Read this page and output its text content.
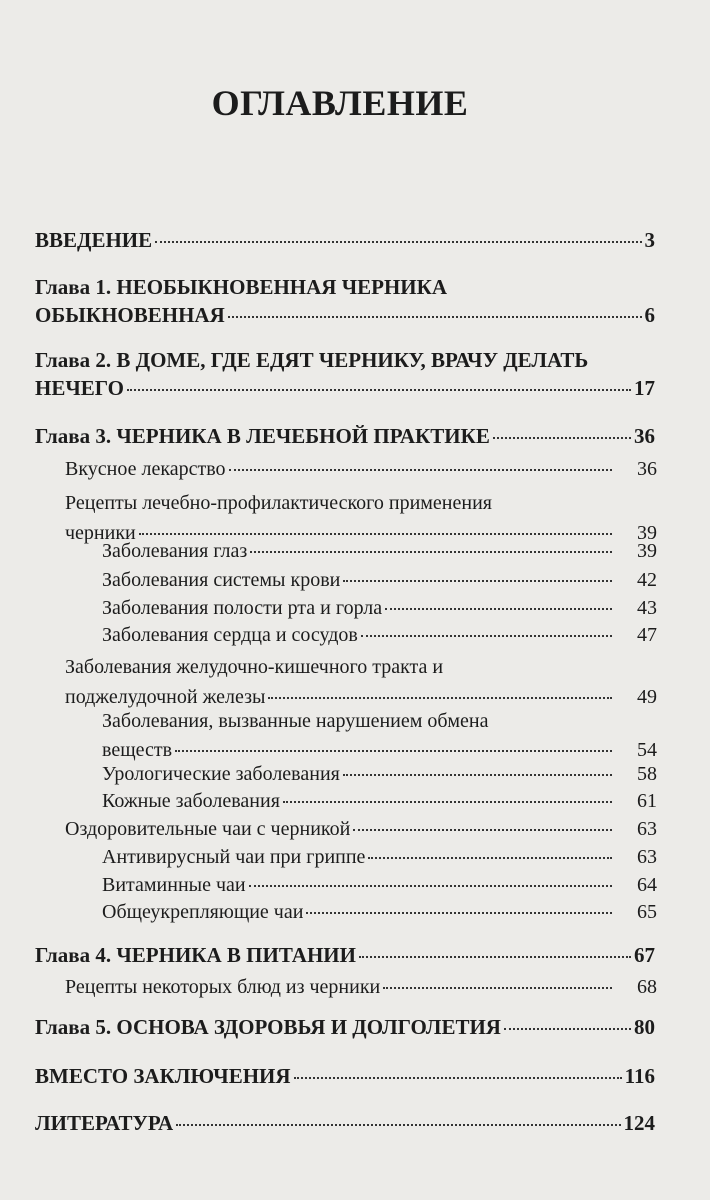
ОГЛАВЛЕНИЕ
ВВЕДЕНИЕ	3
Глава 1. НЕОБЫКНОВЕННАЯ ЧЕРНИКА
ОБЫКНОВЕННАЯ	6
Глава 2. В ДОМЕ, ГДЕ ЕДЯТ ЧЕРНИКУ, ВРАЧУ ДЕЛАТЬ
НЕЧЕГО	17
Глава 3. ЧЕРНИКА В ЛЕЧЕБНОЙ ПРАКТИКЕ	36
Вкусное лекарство	36
Рецепты лечебно-профилактического применения
черники	39
Заболевания глаз	39
Заболевания системы крови	42
Заболевания полости рта и горла	43
Заболевания сердца и сосудов	47
Заболевания желудочно-кишечного тракта и
поджелудочной железы	49
Заболевания, вызванные нарушением обмена
веществ	54
Урологические заболевания	58
Кожные заболевания	61
Оздоровительные чаи с черникой	63
Антивирусный чаи при гриппе	63
Витаминные чаи	64
Общеукрепляющие чаи	65
Глава 4. ЧЕРНИКА В ПИТАНИИ	67
Рецепты некоторых блюд из черники	68
Глава 5. ОСНОВА ЗДОРОВЬЯ И ДОЛГОЛЕТИЯ	80
ВМЕСТО ЗАКЛЮЧЕНИЯ	116
ЛИТЕРАТУРА	124
